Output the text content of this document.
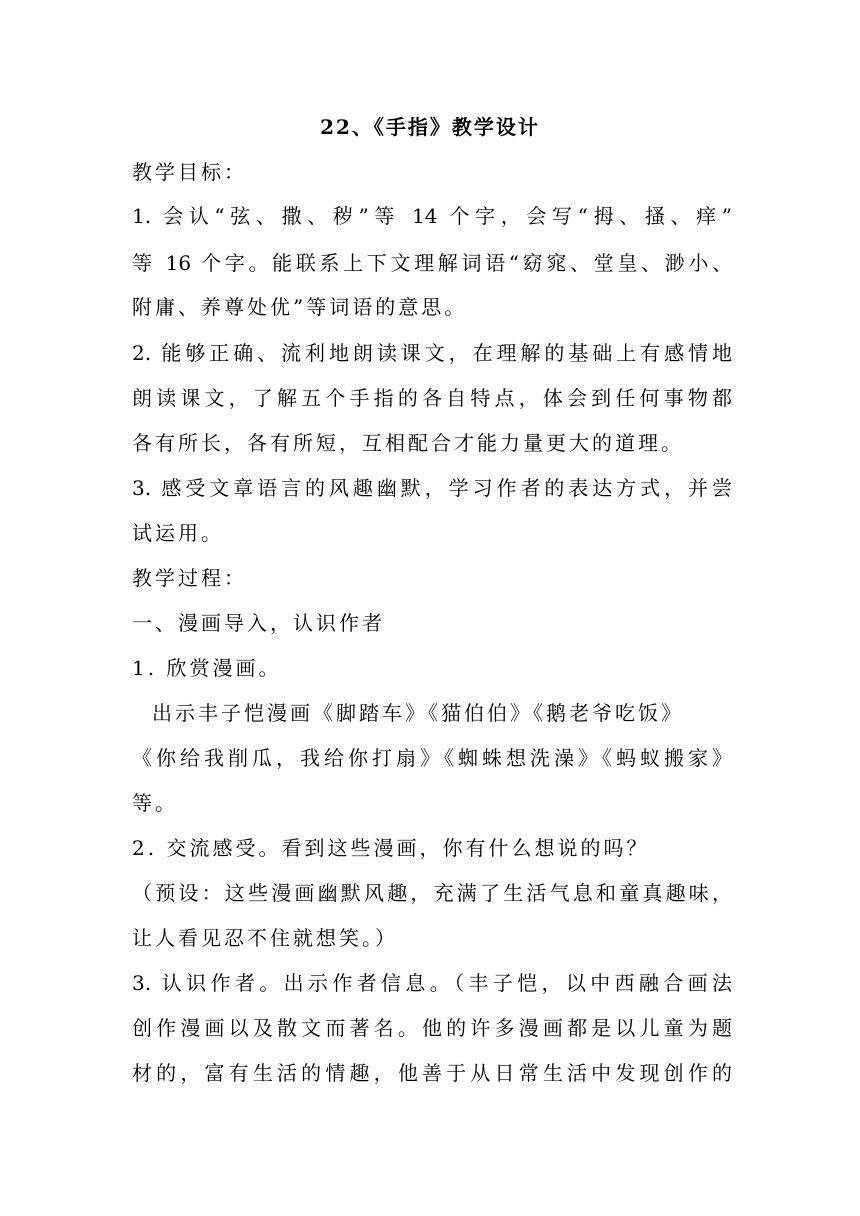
22、《手指》教学设计
教学目标：
1. 会认“弦、撒、秽”等 14 个字，会写“拇、搔、痒”
等 16 个字。能联系上下文理解词语“窈窕、堂皇、渺小、
附庸、养尊处优”等词语的意思。
2. 能够正确、流利地朗读课文，在理解的基础上有感情地
朗读课文，了解五个手指的各自特点，体会到任何事物都
各有所长，各有所短，互相配合才能力量更大的道理。
3. 感受文章语言的风趣幽默，学习作者的表达方式，并尝
试运用。
教学过程：
一、漫画导入，认识作者
1. 欣赏漫画。
出示丰子恺漫画《脚踏车》《猫伯伯》《鹅老爷吃饭》
《你给我削瓜，我给你打扇》《蜘蛛想洗澡》《蚂蚁搬家》
等。
2. 交流感受。看到这些漫画，你有什么想说的吗？
（预设：这些漫画幽默风趣，充满了生活气息和童真趣味，
让人看见忍不住就想笑。）
3. 认识作者。出示作者信息。（丰子恺，以中西融合画法
创作漫画以及散文而著名。他的许多漫画都是以儿童为题
材的，富有生活的情趣，他善于从日常生活中发现创作的
